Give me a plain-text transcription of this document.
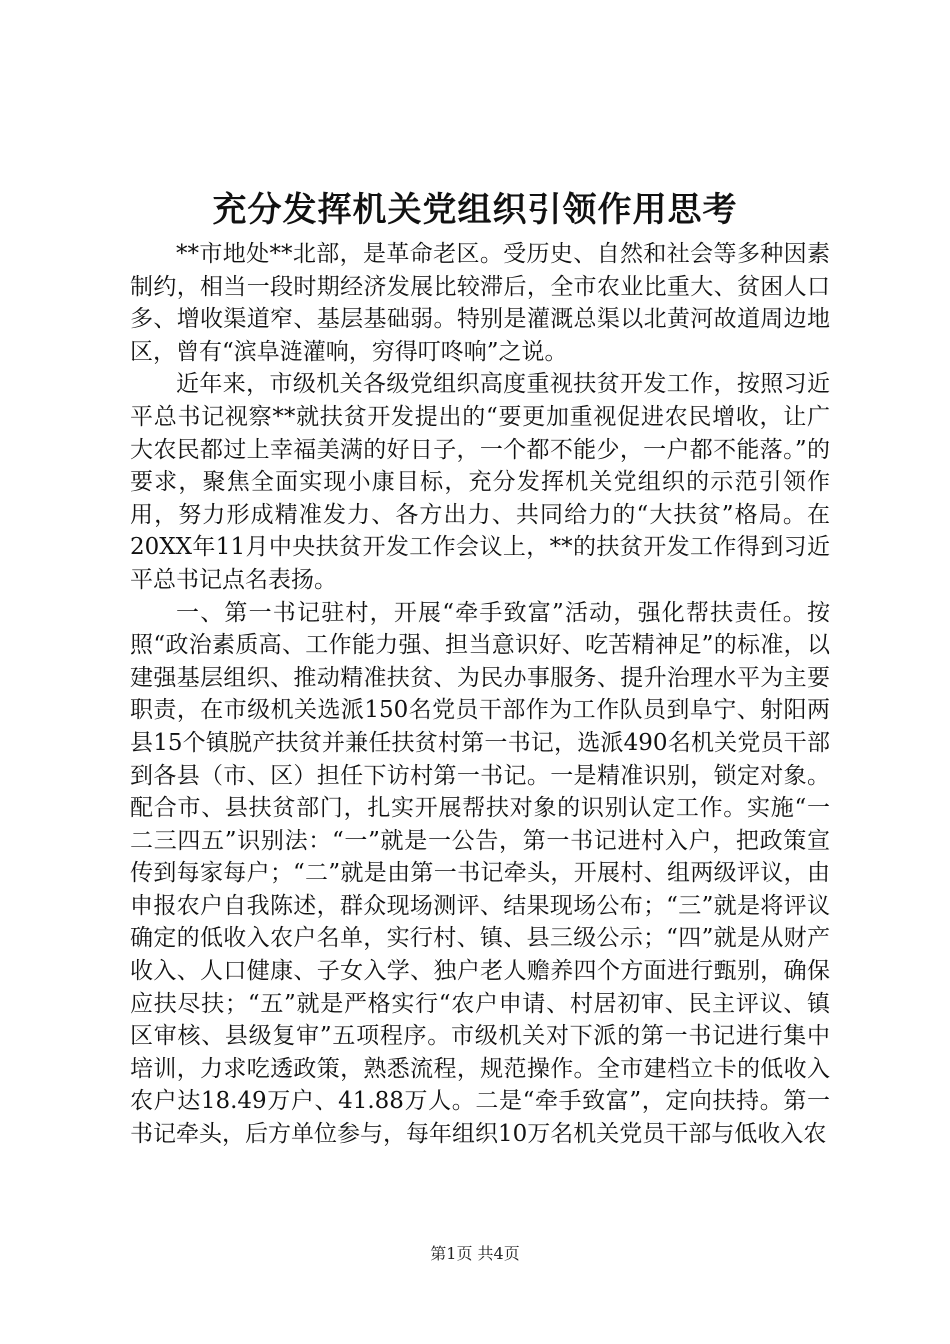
充分发挥机关党组织引领作用思考

**市地处**北部，是革命老区。受历史、自然和社会等多种因素制约，相当一段时期经济发展比较滞后，全市农业比重大、贫困人口多、增收渠道窄、基层基础弱。特别是灌溉总渠以北黄河故道周边地区，曾有“滨阜涟灌响，穷得叮咚响”之说。

近年来，市级机关各级党组织高度重视扶贫开发工作，按照习近平总书记视察**就扶贫开发提出的“要更加重视促进农民增收，让广大农民都过上幸福美满的好日子，一个都不能少，一户都不能落。”的要求，聚焦全面实现小康目标，充分发挥机关党组织的示范引领作用，努力形成精准发力、各方出力、共同给力的“大扶贫”格局。在20XX年11月中央扶贫开发工作会议上，**的扶贫开发工作得到习近平总书记点名表扬。

一、第一书记驻村，开展“牵手致富”活动，强化帮扶责任。按照“政治素质高、工作能力强、担当意识好、吃苦精神足”的标准，以建强基层组织、推动精准扶贫、为民办事服务、提升治理水平为主要职责，在市级机关选派150名党员干部作为工作队员到阜宁、射阳两县15个镇脱产扶贫并兼任扶贫村第一书记，选派490名机关党员干部到各县（市、区）担任下访村第一书记。一是精准识别，锁定对象。配合市、县扶贫部门，扎实开展帮扶对象的识别认定工作。实施“一二三四五”识别法：“一”就是一公告，第一书记进村入户，把政策宣传到每家每户；“二”就是由第一书记牵头，开展村、组两级评议，由申报农户自我陈述，群众现场测评、结果现场公布；“三”就是将评议确定的低收入农户名单，实行村、镇、县三级公示；“四”就是从财产收入、人口健康、子女入学、独户老人赡养四个方面进行甄别，确保应扶尽扶；“五”就是严格实行“农户申请、村居初审、民主评议、镇区审核、县级复审”五项程序。市级机关对下派的第一书记进行集中培训，力求吃透政策，熟悉流程，规范操作。全市建档立卡的低收入农户达18.49万户、41.88万人。二是“牵手致富”，定向扶持。第一书记牵头，后方单位参与，每年组织10万名机关党员干部与低收入农

第1页 共4页
